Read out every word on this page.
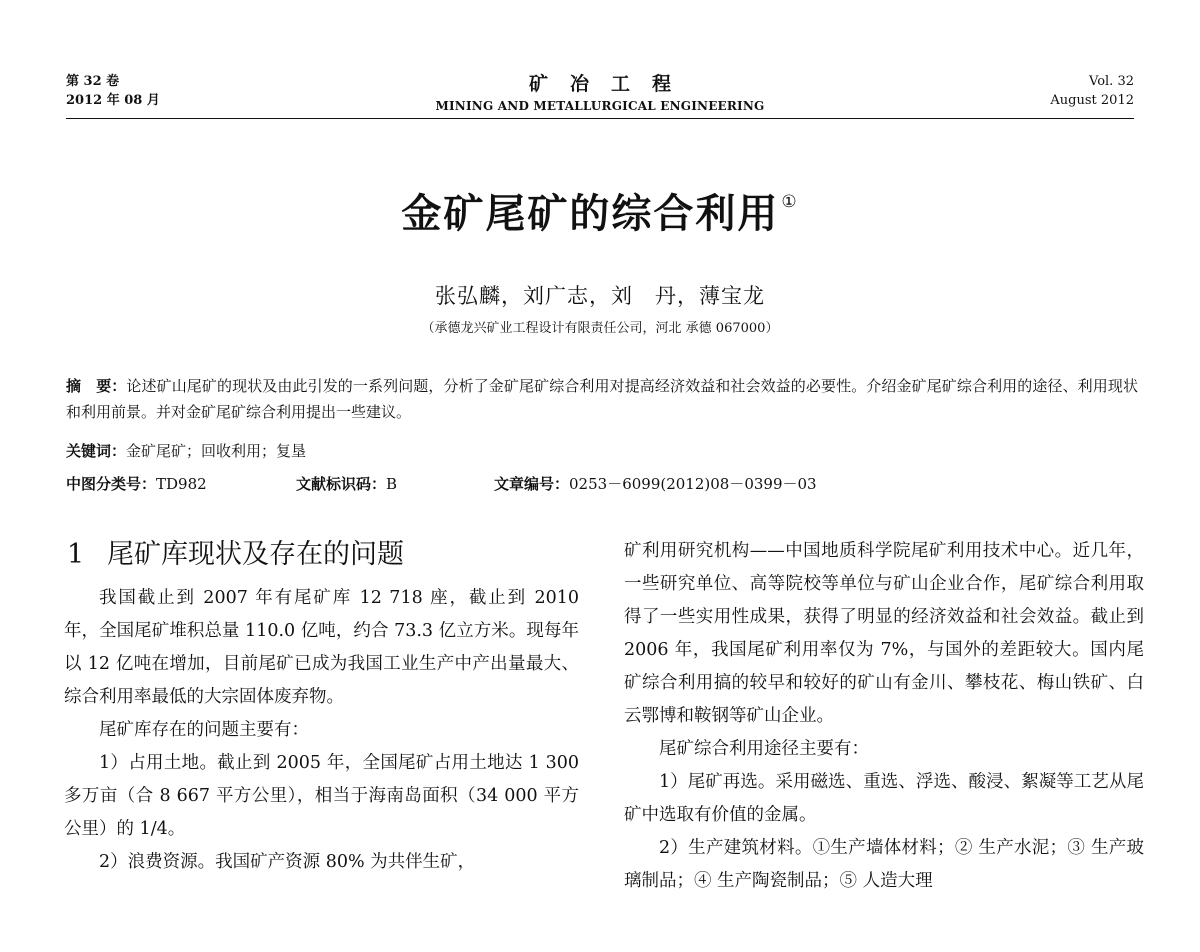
第 32 卷
2012 年 08 月
矿冶工程
MINING AND METALLURGICAL ENGINEERING
Vol. 32
August 2012
金矿尾矿的综合利用 ①
张弘麟，刘广志，刘　丹，薄宝龙
（承德龙兴矿业工程设计有限责任公司，河北 承德 067000）
摘　要：论述矿山尾矿的现状及由此引发的一系列问题，分析了金矿尾矿综合利用对提高经济效益和社会效益的必要性。介绍金矿尾矿综合利用的途径、利用现状和利用前景。并对金矿尾矿综合利用提出一些建议。
关键词：金矿尾矿；回收利用；复垦
中图分类号：TD982	文献标识码：B	文章编号：0253－6099(2012)08－0399－03

1 尾矿库现状及存在的问题

我国截止到 2007 年有尾矿库 12 718 座，截止到 2010 年，全国尾矿堆积总量 110.0 亿吨，约合 73.3 亿立方米。现每年以 12 亿吨在增加，目前尾矿已成为我国工业生产中产出量最大、综合利用率最低的大宗固体废弃物。

尾矿库存在的问题主要有：

1）占用土地。截止到 2005 年，全国尾矿占用土地达 1 300 多万亩（合 8 667 平方公里），相当于海南岛面积（34 000 平方公里）的 1/4。

2）浪费资源。我国矿产资源 80% 为共伴生矿，

矿利用研究机构——中国地质科学院尾矿利用技术中心。近几年，一些研究单位、高等院校等单位与矿山企业合作，尾矿综合利用取得了一些实用性成果，获得了明显的经济效益和社会效益。截止到 2006 年，我国尾矿利用率仅为 7%，与国外的差距较大。国内尾矿综合利用搞的较早和较好的矿山有金川、攀枝花、梅山铁矿、白云鄂博和鞍钢等矿山企业。

尾矿综合利用途径主要有：

1）尾矿再选。采用磁选、重选、浮选、酸浸、絮凝等工艺从尾矿中选取有价值的金属。

2）生产建筑材料。①生产墙体材料；② 生产水泥；③ 生产玻璃制品；④ 生产陶瓷制品；⑤ 人造大理
